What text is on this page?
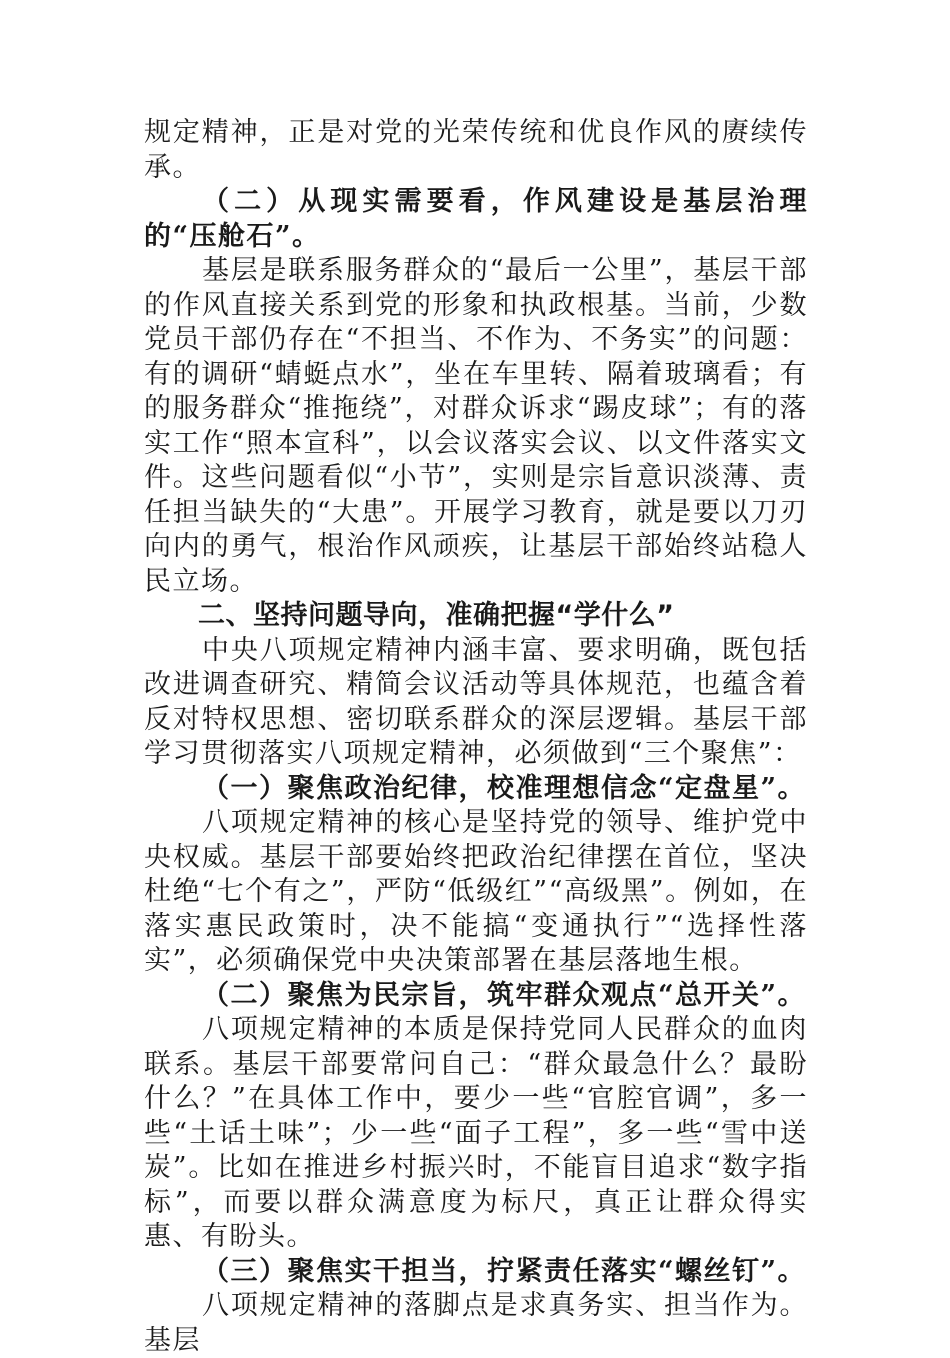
规定精神，正是对党的光荣传统和优良作风的赓续传承。

（二）从现实需要看，作风建设是基层治理的“压舱石”。

基层是联系服务群众的“最后一公里”，基层干部的作风直接关系到党的形象和执政根基。当前，少数党员干部仍存在“不担当、不作为、不务实”的问题：有的调研“蜻蜓点水”，坐在车里转、隔着玻璃看；有的服务群众“推拖绕”，对群众诉求“踢皮球”；有的落实工作“照本宣科”，以会议落实会议、以文件落实文件。这些问题看似“小节”，实则是宗旨意识淡薄、责任担当缺失的“大患”。开展学习教育，就是要以刀刃向内的勇气，根治作风顽疾，让基层干部始终站稳人民立场。

二、坚持问题导向，准确把握“学什么”

中央八项规定精神内涵丰富、要求明确，既包括改进调查研究、精简会议活动等具体规范，也蕴含着反对特权思想、密切联系群众的深层逻辑。基层干部学习贯彻落实八项规定精神，必须做到“三个聚焦”：

（一）聚焦政治纪律，校准理想信念“定盘星”。

八项规定精神的核心是坚持党的领导、维护党中央权威。基层干部要始终把政治纪律摆在首位，坚决杜绝“七个有之”，严防“低级红”“高级黑”。例如，在落实惠民政策时，决不能搞“变通执行”“选择性落实”，必须确保党中央决策部署在基层落地生根。

（二）聚焦为民宗旨，筑牢群众观点“总开关”。

八项规定精神的本质是保持党同人民群众的血肉联系。基层干部要常问自己：“群众最急什么？最盼什么？”在具体工作中，要少一些“官腔官调”，多一些“土话土味”；少一些“面子工程”，多一些“雪中送炭”。比如在推进乡村振兴时，不能盲目追求“数字指标”，而要以群众满意度为标尺，真正让群众得实惠、有盼头。

（三）聚焦实干担当，拧紧责任落实“螺丝钉”。

八项规定精神的落脚点是求真务实、担当作为。基层
